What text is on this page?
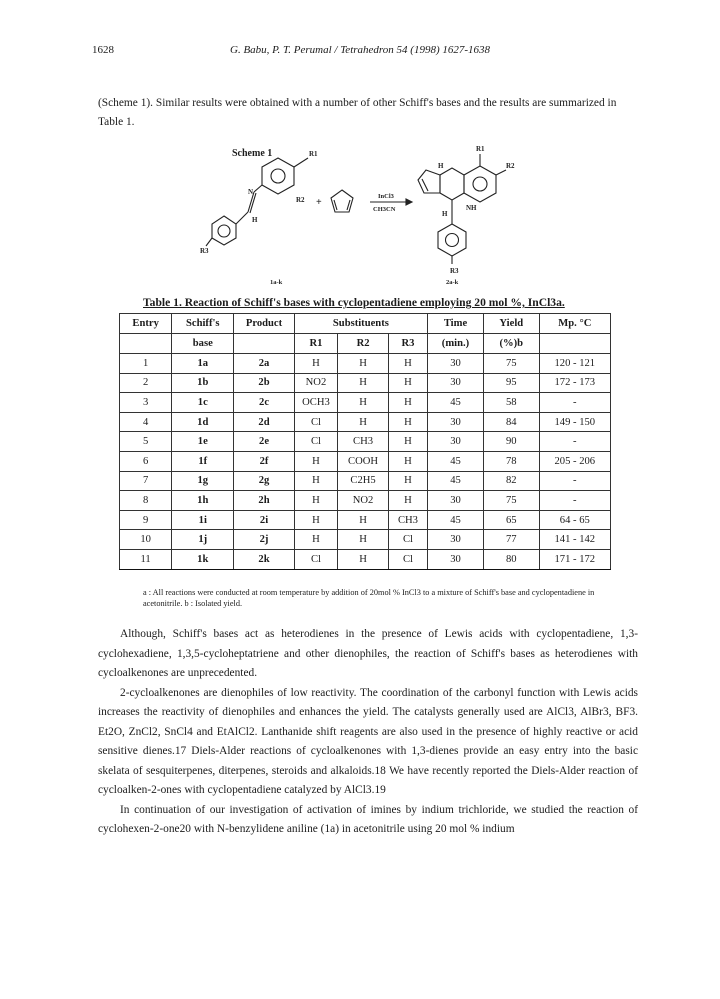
1628	G. Babu, P. T. Perumal / Tetrahedron 54 (1998) 1627-1638
(Scheme 1). Similar results were obtained with a number of other Schiff's bases and the results are summarized in Table 1.
Scheme 1	R1
R2
N
H
R3
+
InCl3
CH3CN
R1
R2
H
NH
H
R3
1a-k	2a-k
Table 1. Reaction of Schiff's bases with cyclopentadiene employing 20 mol %, InCl3a.
Entry	Schiff's	Product	Substituents			Time	Yield	Mp. °C
	base		R1	R2	R3	(min.)	(%)b	
1	1a	2a	H	H	H	30	75	120 - 121
2	1b	2b	NO2	H	H	30	95	172 - 173
3	1c	2c	OCH3	H	H	45	58	-
4	1d	2d	Cl	H	H	30	84	149 - 150
5	1e	2e	Cl	CH3	H	30	90	-
6	1f	2f	H	COOH	H	45	78	205 - 206
7	1g	2g	H	C2H5	H	45	82	-
8	1h	2h	H	NO2	H	30	75	-
9	1i	2i	H	H	CH3	45	65	64 - 65
10	1j	2j	H	H	Cl	30	77	141 - 142
11	1k	2k	Cl	H	Cl	30	80	171 - 172
a : All reactions were conducted at room temperature by addition of 20mol % InCl3 to a mixture of Schiff's base and cyclopentadiene in acetonitrile. b : Isolated yield.

Although, Schiff's bases act as heterodienes in the presence of Lewis acids with cyclopentadiene, 1,3-cyclohexadiene, 1,3,5-cycloheptatriene and other dienophiles, the reaction of Schiff's bases as heterodienes with cycloalkenones are unprecedented.

2-cycloalkenones are dienophiles of low reactivity. The coordination of the carbonyl function with Lewis acids increases the reactivity of dienophiles and enhances the yield. The catalysts generally used are AlCl3, AlBr3, BF3. Et2O, ZnCl2, SnCl4 and EtAlCl2. Lanthanide shift reagents are also used in the presence of highly reactive or acid sensitive dienes.17 Diels-Alder reactions of cycloalkenones with 1,3-dienes provide an easy entry into the basic skelata of sesquiterpenes, diterpenes, steroids and alkaloids.18 We have recently reported the Diels-Alder reaction of cycloalken-2-ones with cyclopentadiene catalyzed by AlCl3.19

In continuation of our investigation of activation of imines by indium trichloride, we studied the reaction of cyclohexen-2-one20 with N-benzylidene aniline (1a) in acetonitrile using 20 mol % indium
